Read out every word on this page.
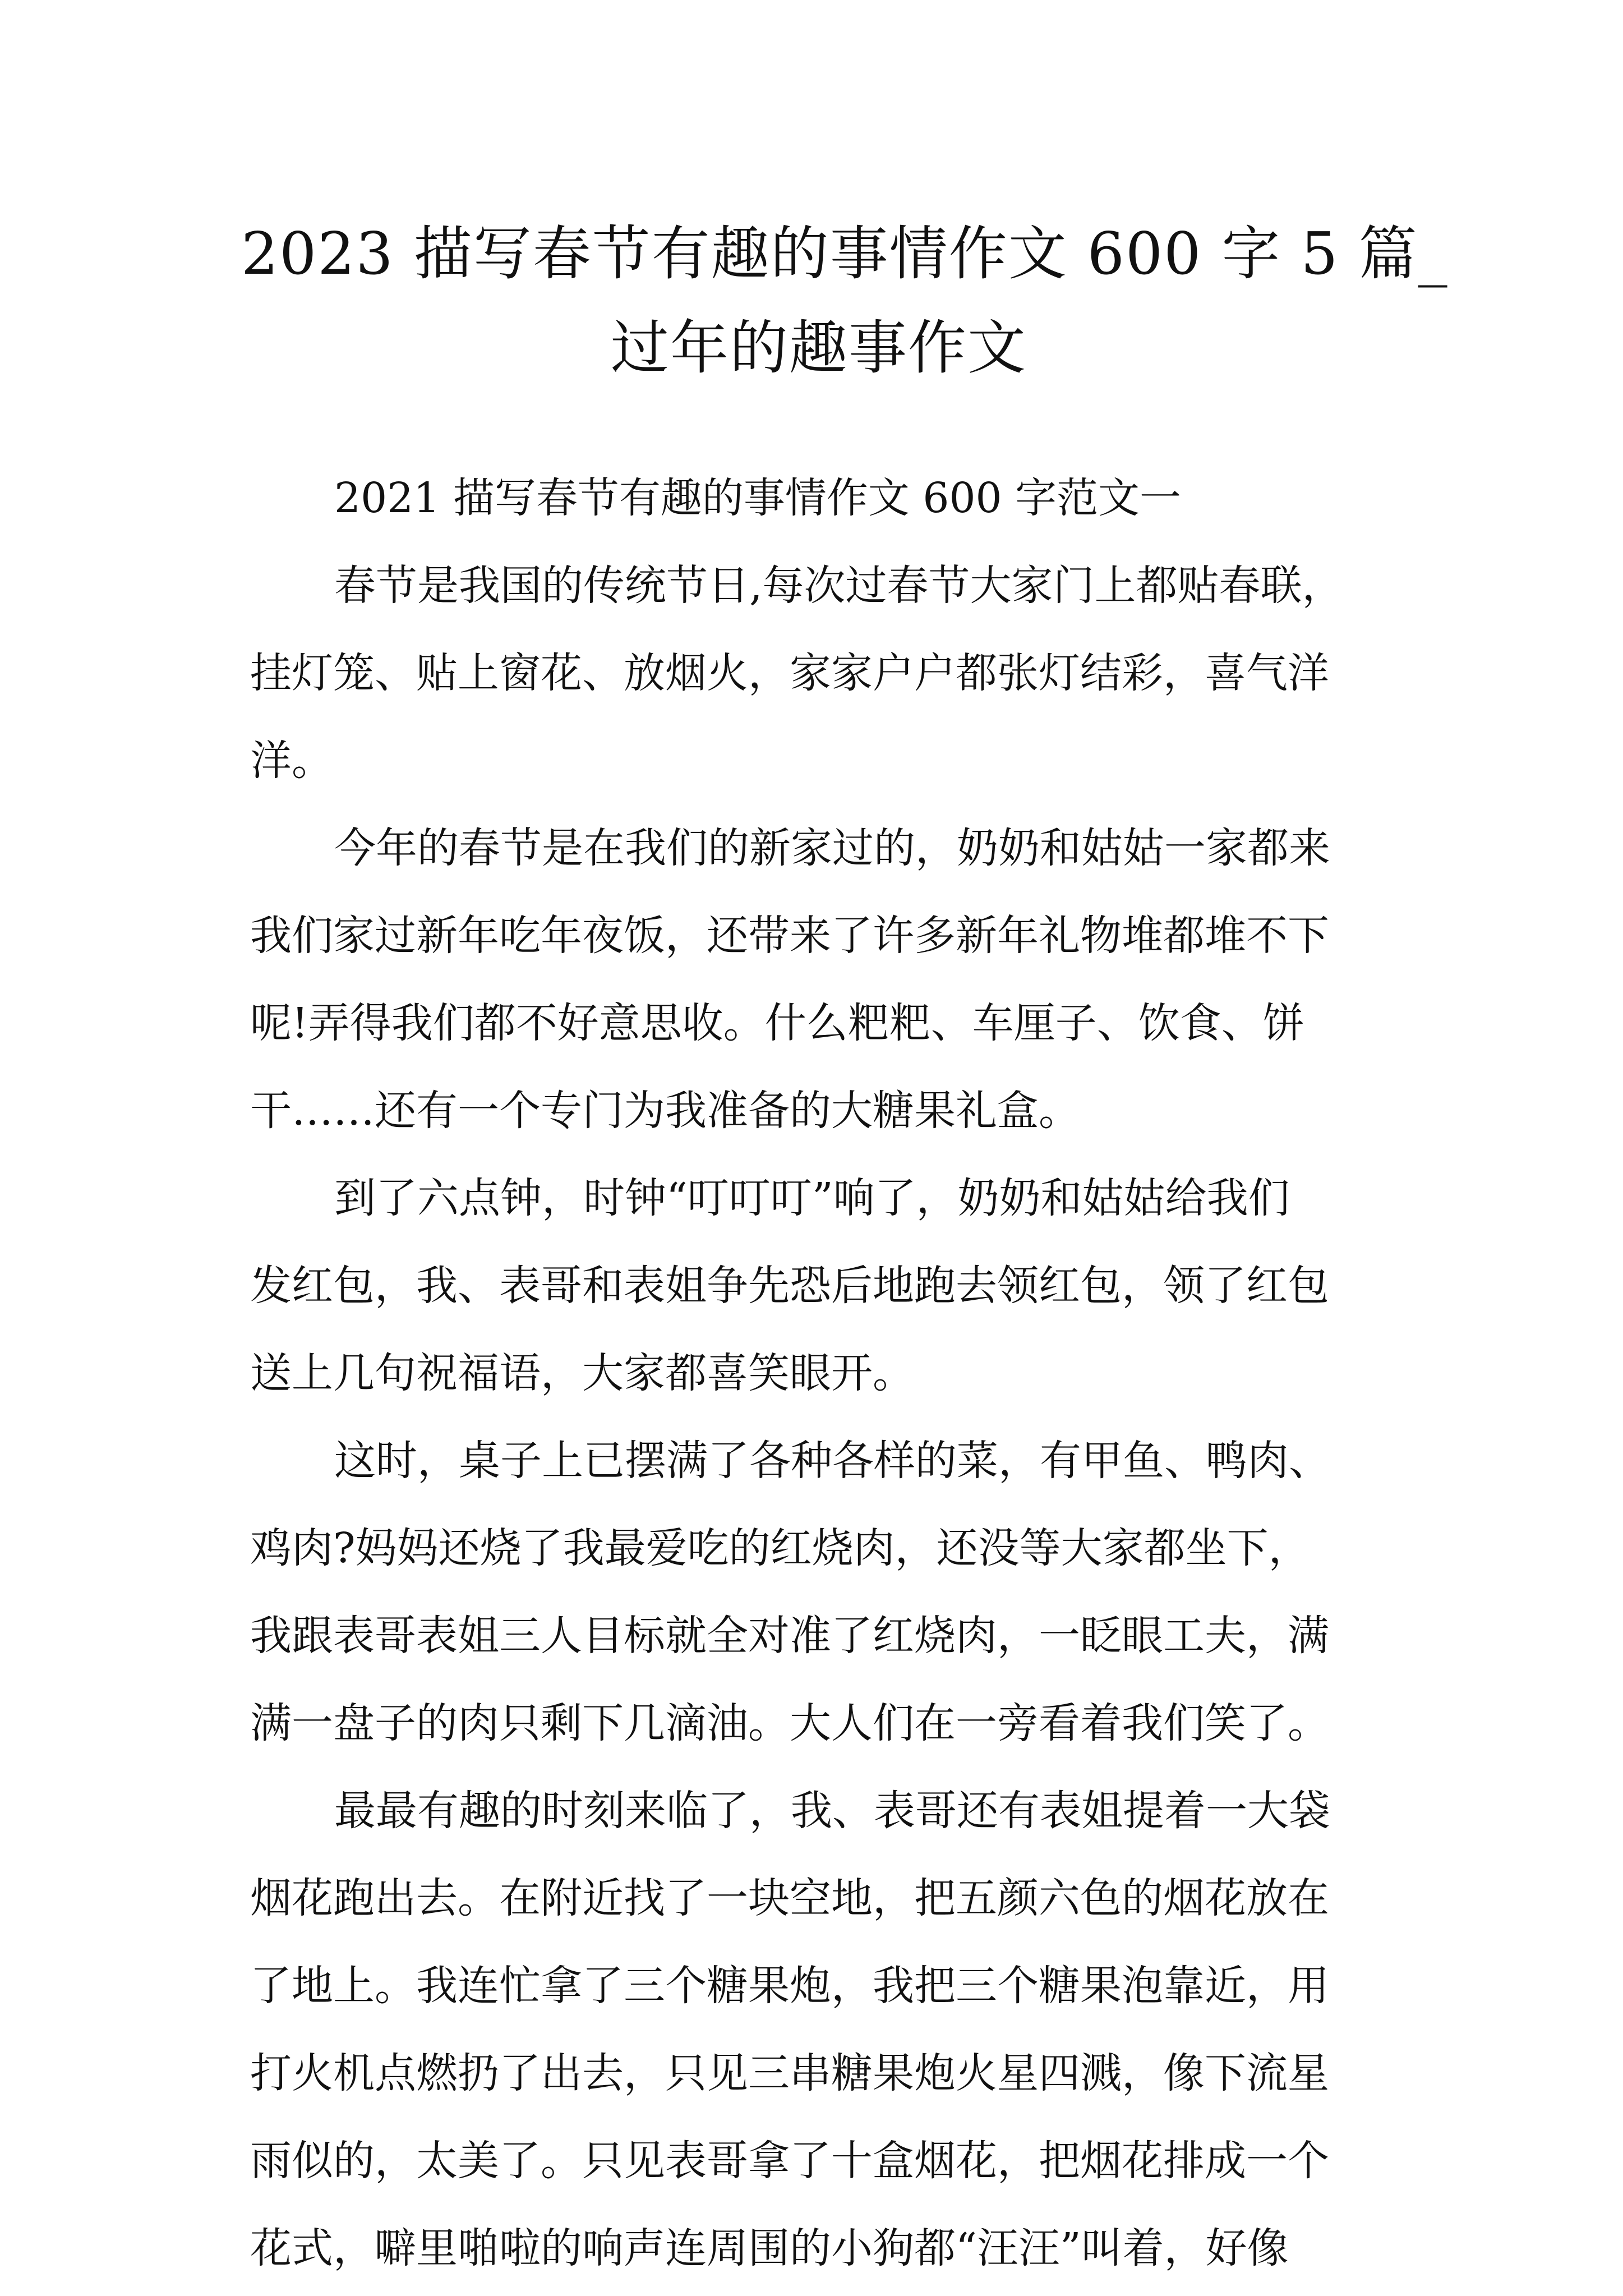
2023 描写春节有趣的事情作文 600 字 5 篇_
过年的趣事作文

2021 描写春节有趣的事情作文 600 字范文一

春节是我国的传统节日,每次过春节大家门上都贴春联，
挂灯笼、贴上窗花、放烟火，家家户户都张灯结彩，喜气洋
洋。

今年的春节是在我们的新家过的，奶奶和姑姑一家都来
我们家过新年吃年夜饭，还带来了许多新年礼物堆都堆不下
呢!弄得我们都不好意思收。什么粑粑、车厘子、饮食、饼
干……还有一个专门为我准备的大糖果礼盒。

到了六点钟，时钟“叮叮叮”响了，奶奶和姑姑给我们
发红包，我、表哥和表姐争先恐后地跑去领红包，领了红包
送上几句祝福语，大家都喜笑眼开。

这时，桌子上已摆满了各种各样的菜，有甲鱼、鸭肉、
鸡肉?妈妈还烧了我最爱吃的红烧肉，还没等大家都坐下，
我跟表哥表姐三人目标就全对准了红烧肉，一眨眼工夫，满
满一盘子的肉只剩下几滴油。大人们在一旁看着我们笑了。

最最有趣的时刻来临了，我、表哥还有表姐提着一大袋
烟花跑出去。在附近找了一块空地，把五颜六色的烟花放在
了地上。我连忙拿了三个糖果炮，我把三个糖果泡靠近，用
打火机点燃扔了出去，只见三串糖果炮火星四溅，像下流星
雨似的，太美了。只见表哥拿了十盒烟花，把烟花排成一个
花式，噼里啪啦的响声连周围的小狗都“汪汪”叫着，好像
